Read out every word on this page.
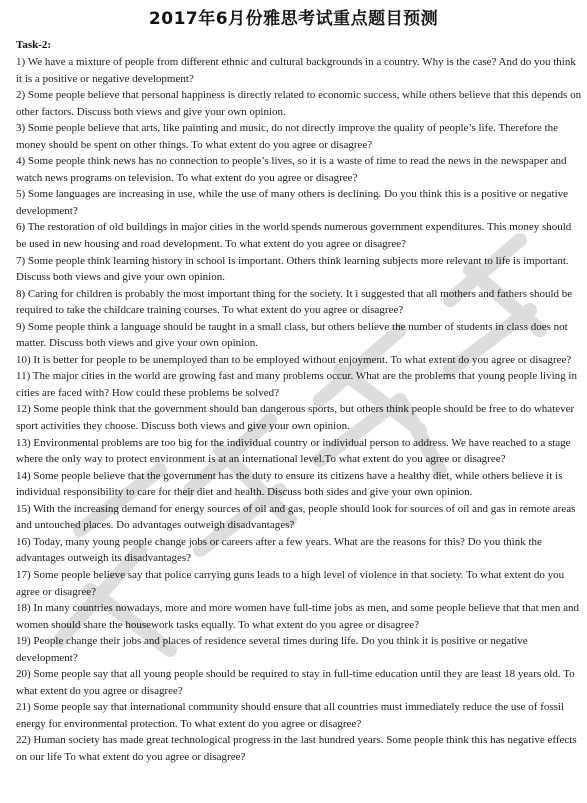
2017年6月份雅思考试重点题目预测
Task-2:

1) We have a mixture of people from different ethnic and cultural backgrounds in a country. Why is the case? And do you think it is a positive or negative development?

2) Some people believe that personal happiness is directly related to economic success, while others believe that this depends on other factors. Discuss both views and give your own opinion.

3) Some people believe that arts, like painting and music, do not directly improve the quality of people’s life. Therefore the money should be spent on other things. To what extent do you agree or disagree?

4) Some people think news has no connection to people’s lives, so it is a waste of time to read the news in the newspaper and watch news programs on television. To what extent do you agree or disagree?

5) Some languages are increasing in use, while the use of many others is declining. Do you think this is a positive or negative development?

6) The restoration of old buildings in major cities in the world spends numerous government expenditures. This money should be used in new housing and road development. To what extent do you agree or disagree?

7) Some people think learning history in school is important. Others think learning subjects more relevant to life is important. Discuss both views and give your own opinion.

8) Caring for children is probably the most important thing for the society. It i suggested that all mothers and fathers should be required to take the childcare training courses. To what extent do you agree or disagree?

9) Some people think a language should be taught in a small class, but others believe the number of students in class does not matter. Discuss both views and give your own opinion.

10) It is better for people to be unemployed than to be employed without enjoyment. To what extent do you agree or disagree?

11) The major cities in the world are growing fast and many problems occur. What are the problems that young people living in cities are faced with? How could these problems be solved?

12) Some people think that the government should ban dangerous sports, but others think people should be free to do whatever sport activities they choose. Discuss both views and give your own opinion.

13) Environmental problems are too big for the individual country or individual person to address. We have reached to a stage where the only way to protect environment is at an international level.To what extent do you agree or disagree?

14) Some people believe that the government has the duty to ensure its citizens have a healthy diet, while others believe it is individual responsibility to care for their diet and health. Discuss both sides and give your own opinion.

15) With the increasing demand for energy sources of oil and gas, people should look for sources of oil and gas in remote areas and untouched places. Do advantages outweigh disadvantages?

16) Today, many young people change jobs or careers after a few years. What are the reasons for this? Do you think the advantages outweigh its disadvantages?

17) Some people believe say that police carrying guns leads to a high level of violence in that society. To what extent do you agree or disagree?

18) In many countries nowadays, more and more women have full-time jobs as men, and some people believe that that men and women should share the housework tasks equally. To what extent do you agree or disagree?

19) People change their jobs and places of residence several times during life. Do you think it is positive or negative development?

20) Some people say that all young people should be required to stay in full-time education until they are least 18 years old. To what extent do you agree or disagree?

21) Some people say that international community should ensure that all countries must immediately reduce the use of fossil energy for environmental protection. To what extent do you agree or disagree?

22) Human society has made great technological progress in the last hundred years. Some people think this has negative effects on our life To what extent do you agree or disagree?
